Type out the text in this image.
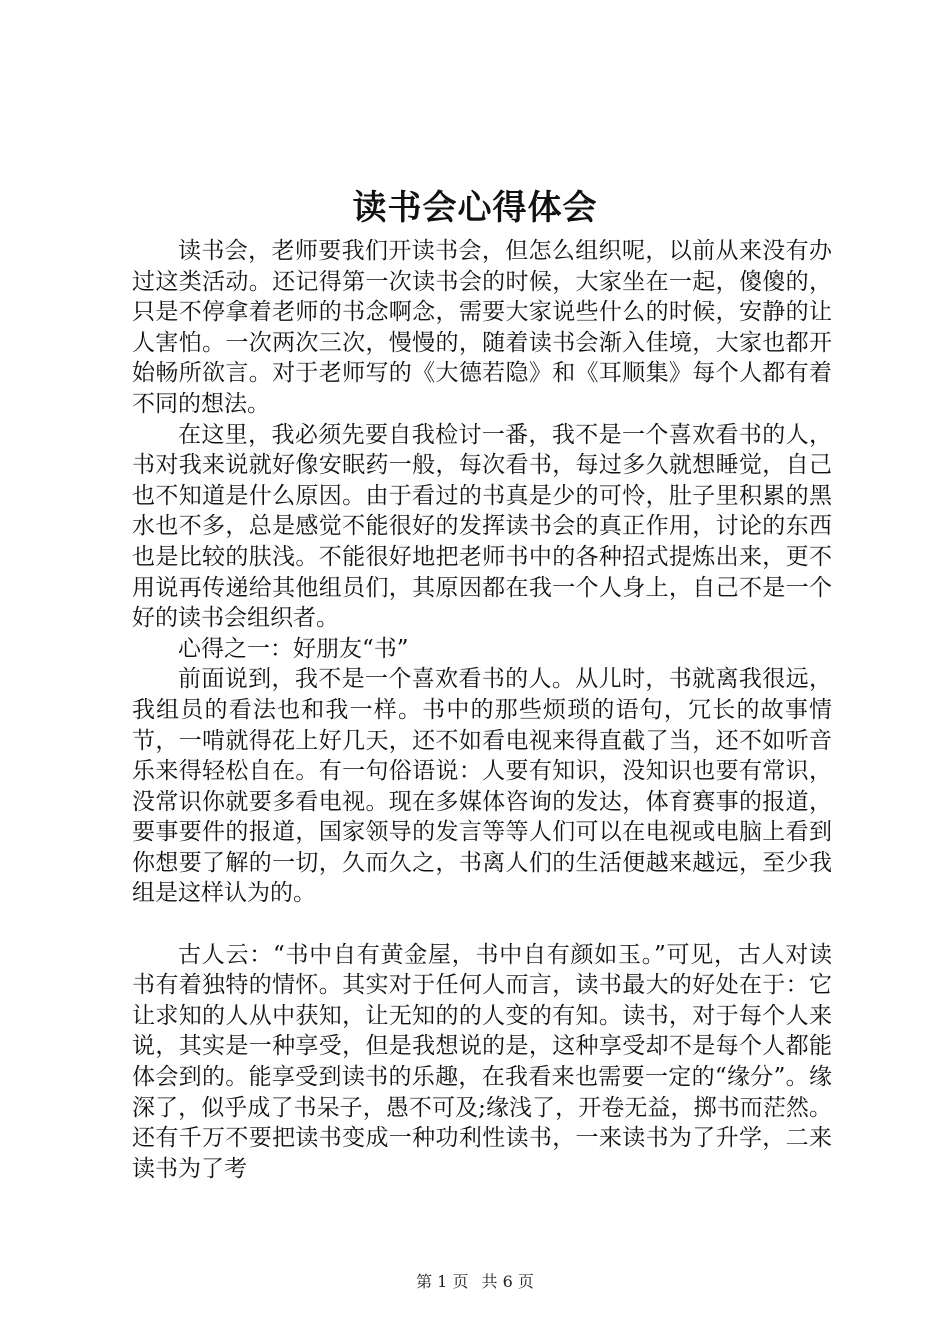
读书会心得体会

读书会，老师要我们开读书会，但怎么组织呢，以前从来没有办过这类活动。还记得第一次读书会的时候，大家坐在一起，傻傻的，只是不停拿着老师的书念啊念，需要大家说些什么的时候，安静的让人害怕。一次两次三次，慢慢的，随着读书会渐入佳境，大家也都开始畅所欲言。对于老师写的《大德若隐》和《耳顺集》每个人都有着不同的想法。

在这里，我必须先要自我检讨一番，我不是一个喜欢看书的人，书对我来说就好像安眠药一般，每次看书，每过多久就想睡觉，自己也不知道是什么原因。由于看过的书真是少的可怜，肚子里积累的黑水也不多，总是感觉不能很好的发挥读书会的真正作用，讨论的东西也是比较的肤浅。不能很好地把老师书中的各种招式提炼出来，更不用说再传递给其他组员们，其原因都在我一个人身上，自己不是一个好的读书会组织者。

心得之一：好朋友“书”

前面说到，我不是一个喜欢看书的人。从儿时，书就离我很远，我组员的看法也和我一样。书中的那些烦琐的语句，冗长的故事情节，一啃就得花上好几天，还不如看电视来得直截了当，还不如听音乐来得轻松自在。有一句俗语说：人要有知识，没知识也要有常识，没常识你就要多看电视。现在多媒体咨询的发达，体育赛事的报道，要事要件的报道，国家领导的发言等等人们可以在电视或电脑上看到你想要了解的一切，久而久之，书离人们的生活便越来越远，至少我组是这样认为的。

古人云：“书中自有黄金屋，书中自有颜如玉。”可见，古人对读书有着独特的情怀。其实对于任何人而言，读书最大的好处在于：它让求知的人从中获知，让无知的的人变的有知。读书，对于每个人来说，其实是一种享受，但是我想说的是，这种享受却不是每个人都能体会到的。能享受到读书的乐趣，在我看来也需要一定的“缘分”。缘深了，似乎成了书呆子，愚不可及;缘浅了，开卷无益，掷书而茫然。还有千万不要把读书变成一种功利性读书，一来读书为了升学，二来读书为了考

第 1 页 共 6 页
